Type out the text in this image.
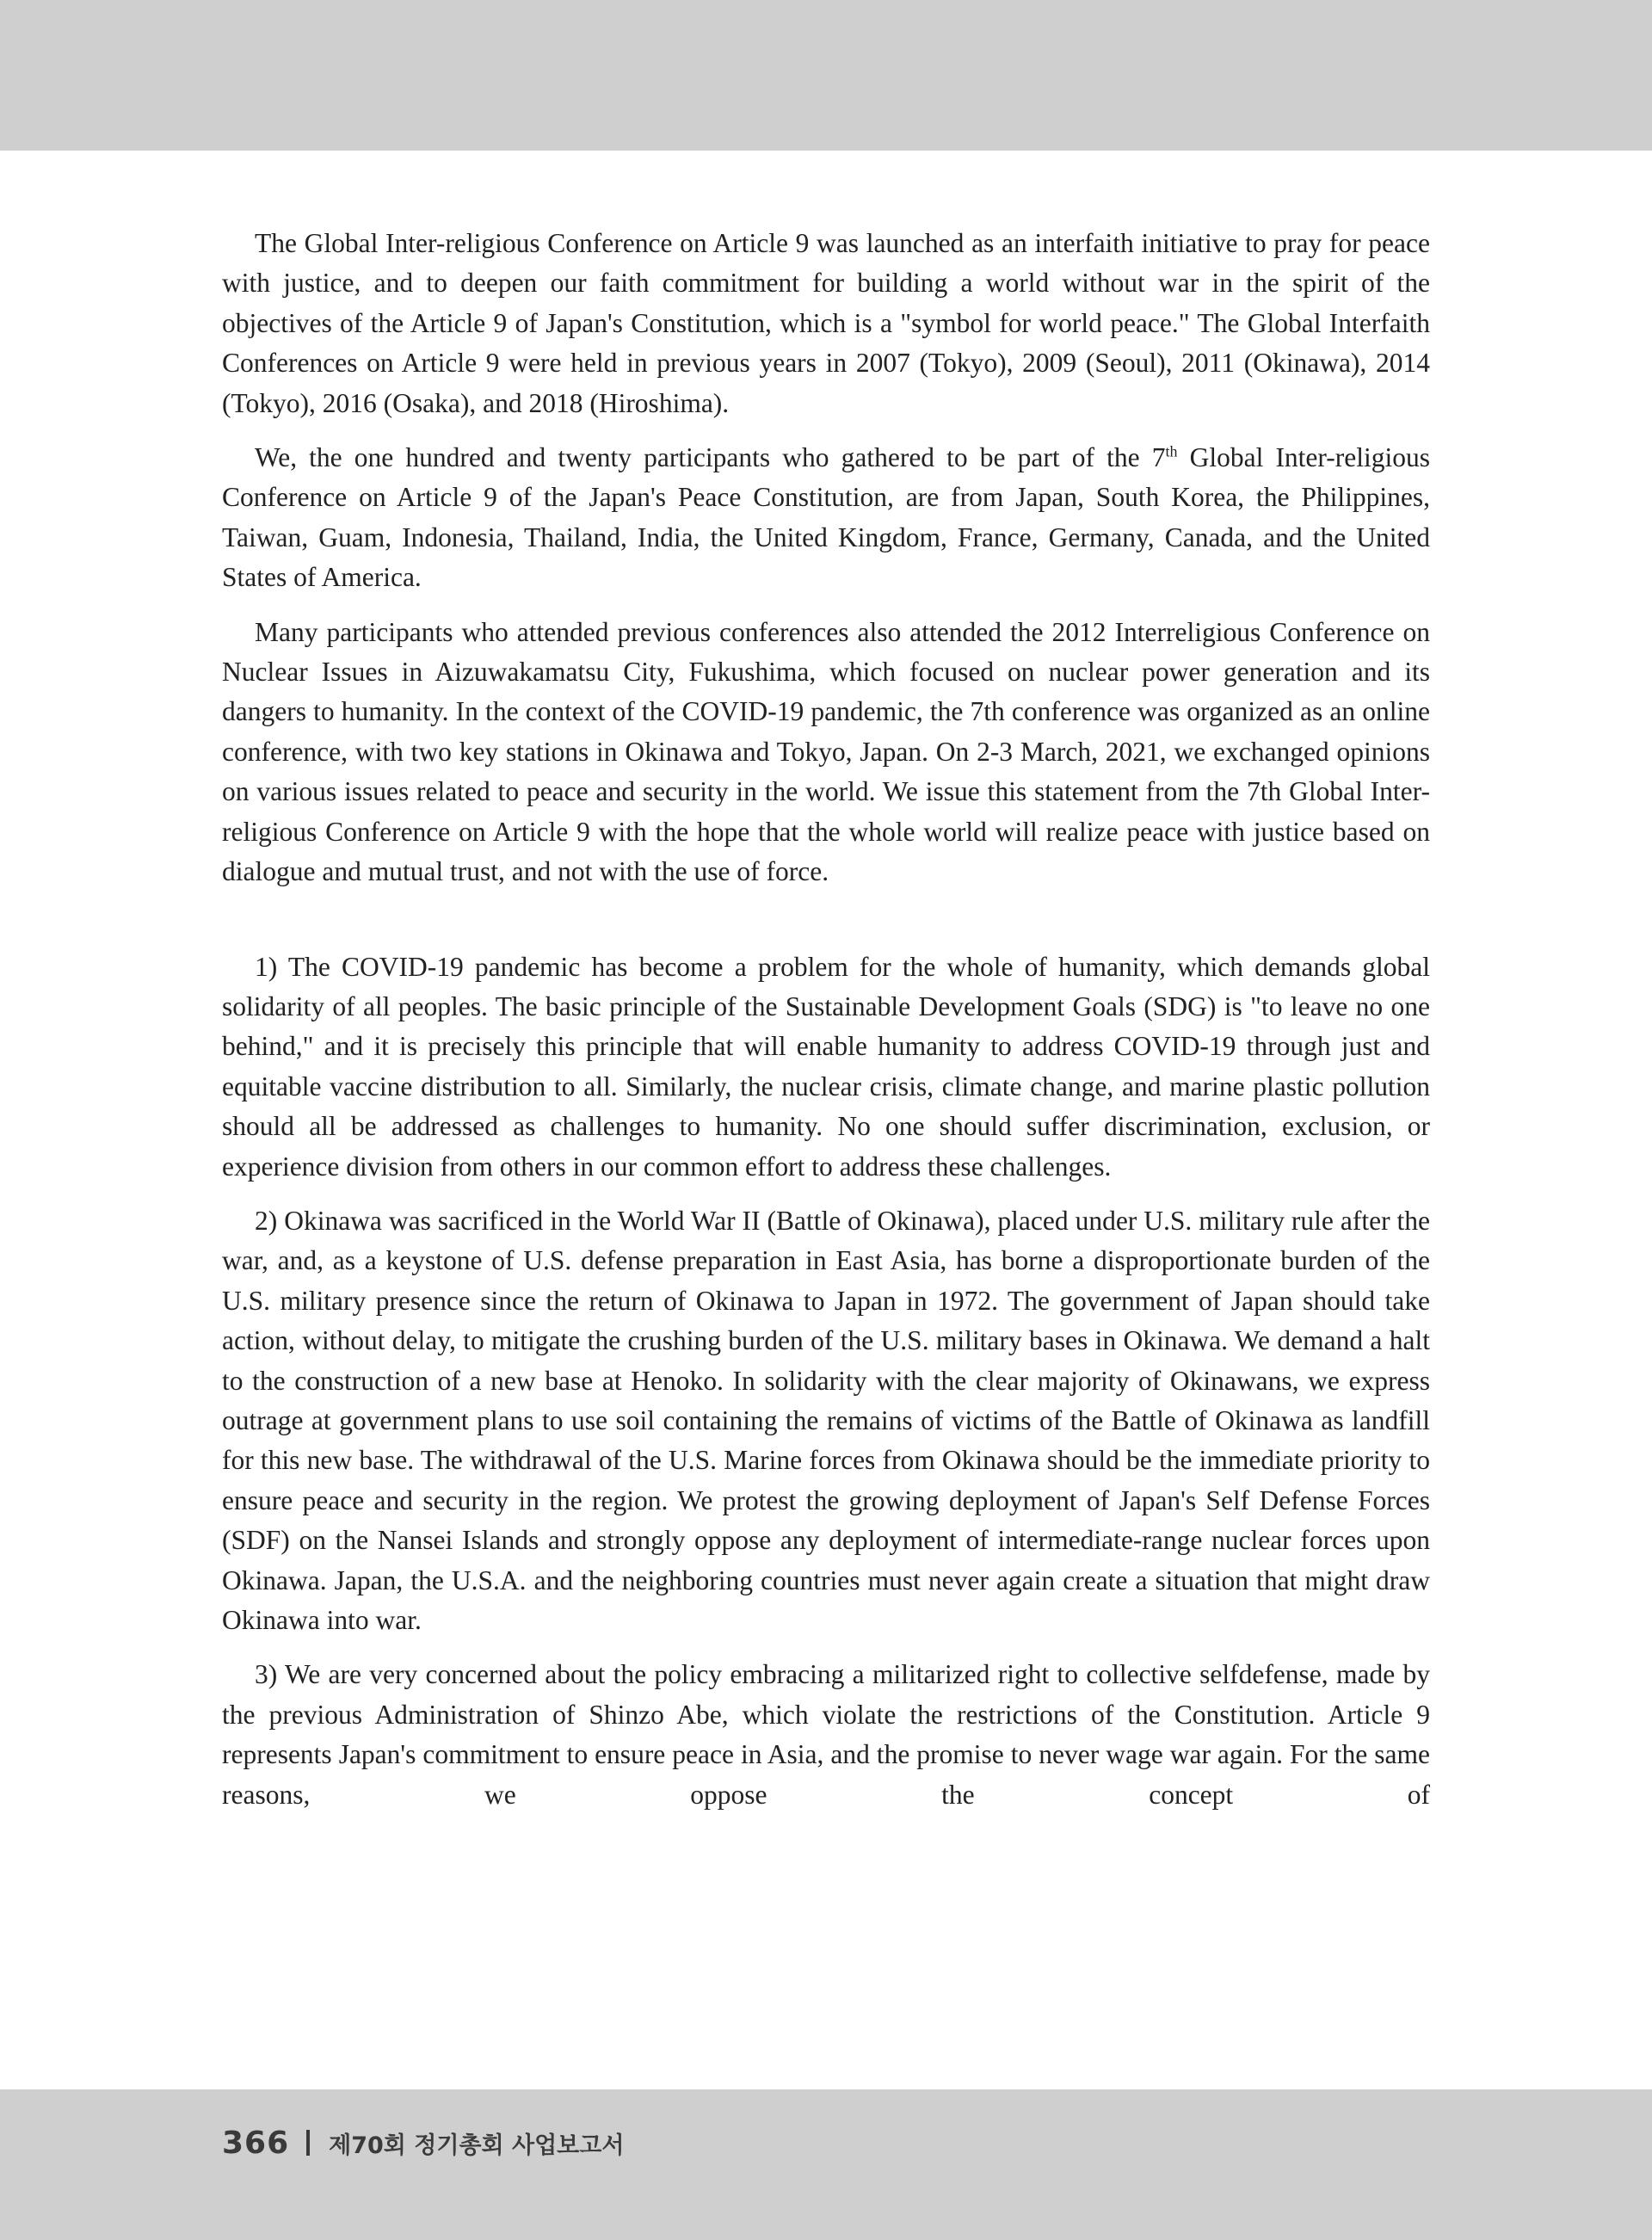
The Global Inter-religious Conference on Article 9 was launched as an interfaith initiative to pray for peace with justice, and to deepen our faith commitment for building a world without war in the spirit of the objectives of the Article 9 of Japan's Constitution, which is a "symbol for world peace." The Global Interfaith Conferences on Article 9 were held in previous years in 2007 (Tokyo), 2009 (Seoul), 2011 (Okinawa), 2014 (Tokyo), 2016 (Osaka), and 2018 (Hiroshima).

We, the one hundred and twenty participants who gathered to be part of the 7th Global Inter-religious Conference on Article 9 of the Japan's Peace Constitution, are from Japan, South Korea, the Philippines, Taiwan, Guam, Indonesia, Thailand, India, the United Kingdom, France, Germany, Canada, and the United States of America.

Many participants who attended previous conferences also attended the 2012 Interreligious Conference on Nuclear Issues in Aizuwakamatsu City, Fukushima, which focused on nuclear power generation and its dangers to humanity. In the context of the COVID-19 pandemic, the 7th conference was organized as an online conference, with two key stations in Okinawa and Tokyo, Japan. On 2-3 March, 2021, we exchanged opinions on various issues related to peace and security in the world. We issue this statement from the 7th Global Inter-religious Conference on Article 9 with the hope that the whole world will realize peace with justice based on dialogue and mutual trust, and not with the use of force.

1) The COVID-19 pandemic has become a problem for the whole of humanity, which demands global solidarity of all peoples. The basic principle of the Sustainable Development Goals (SDG) is "to leave no one behind," and it is precisely this principle that will enable humanity to address COVID-19 through just and equitable vaccine distribution to all. Similarly, the nuclear crisis, climate change, and marine plastic pollution should all be addressed as challenges to humanity. No one should suffer discrimination, exclusion, or experience division from others in our common effort to address these challenges.

2) Okinawa was sacrificed in the World War II (Battle of Okinawa), placed under U.S. military rule after the war, and, as a keystone of U.S. defense preparation in East Asia, has borne a disproportionate burden of the U.S. military presence since the return of Okinawa to Japan in 1972. The government of Japan should take action, without delay, to mitigate the crushing burden of the U.S. military bases in Okinawa. We demand a halt to the construction of a new base at Henoko. In solidarity with the clear majority of Okinawans, we express outrage at government plans to use soil containing the remains of victims of the Battle of Okinawa as landfill for this new base. The withdrawal of the U.S. Marine forces from Okinawa should be the immediate priority to ensure peace and security in the region. We protest the growing deployment of Japan's Self Defense Forces (SDF) on the Nansei Islands and strongly oppose any deployment of intermediate-range nuclear forces upon Okinawa. Japan, the U.S.A. and the neighboring countries must never again create a situation that might draw Okinawa into war.

3) We are very concerned about the policy embracing a militarized right to collective selfdefense, made by the previous Administration of Shinzo Abe, which violate the restrictions of the Constitution. Article 9 represents Japan's commitment to ensure peace in Asia, and the promise to never wage war again. For the same reasons, we oppose the concept of

366 제70회 정기총회 사업보고서
